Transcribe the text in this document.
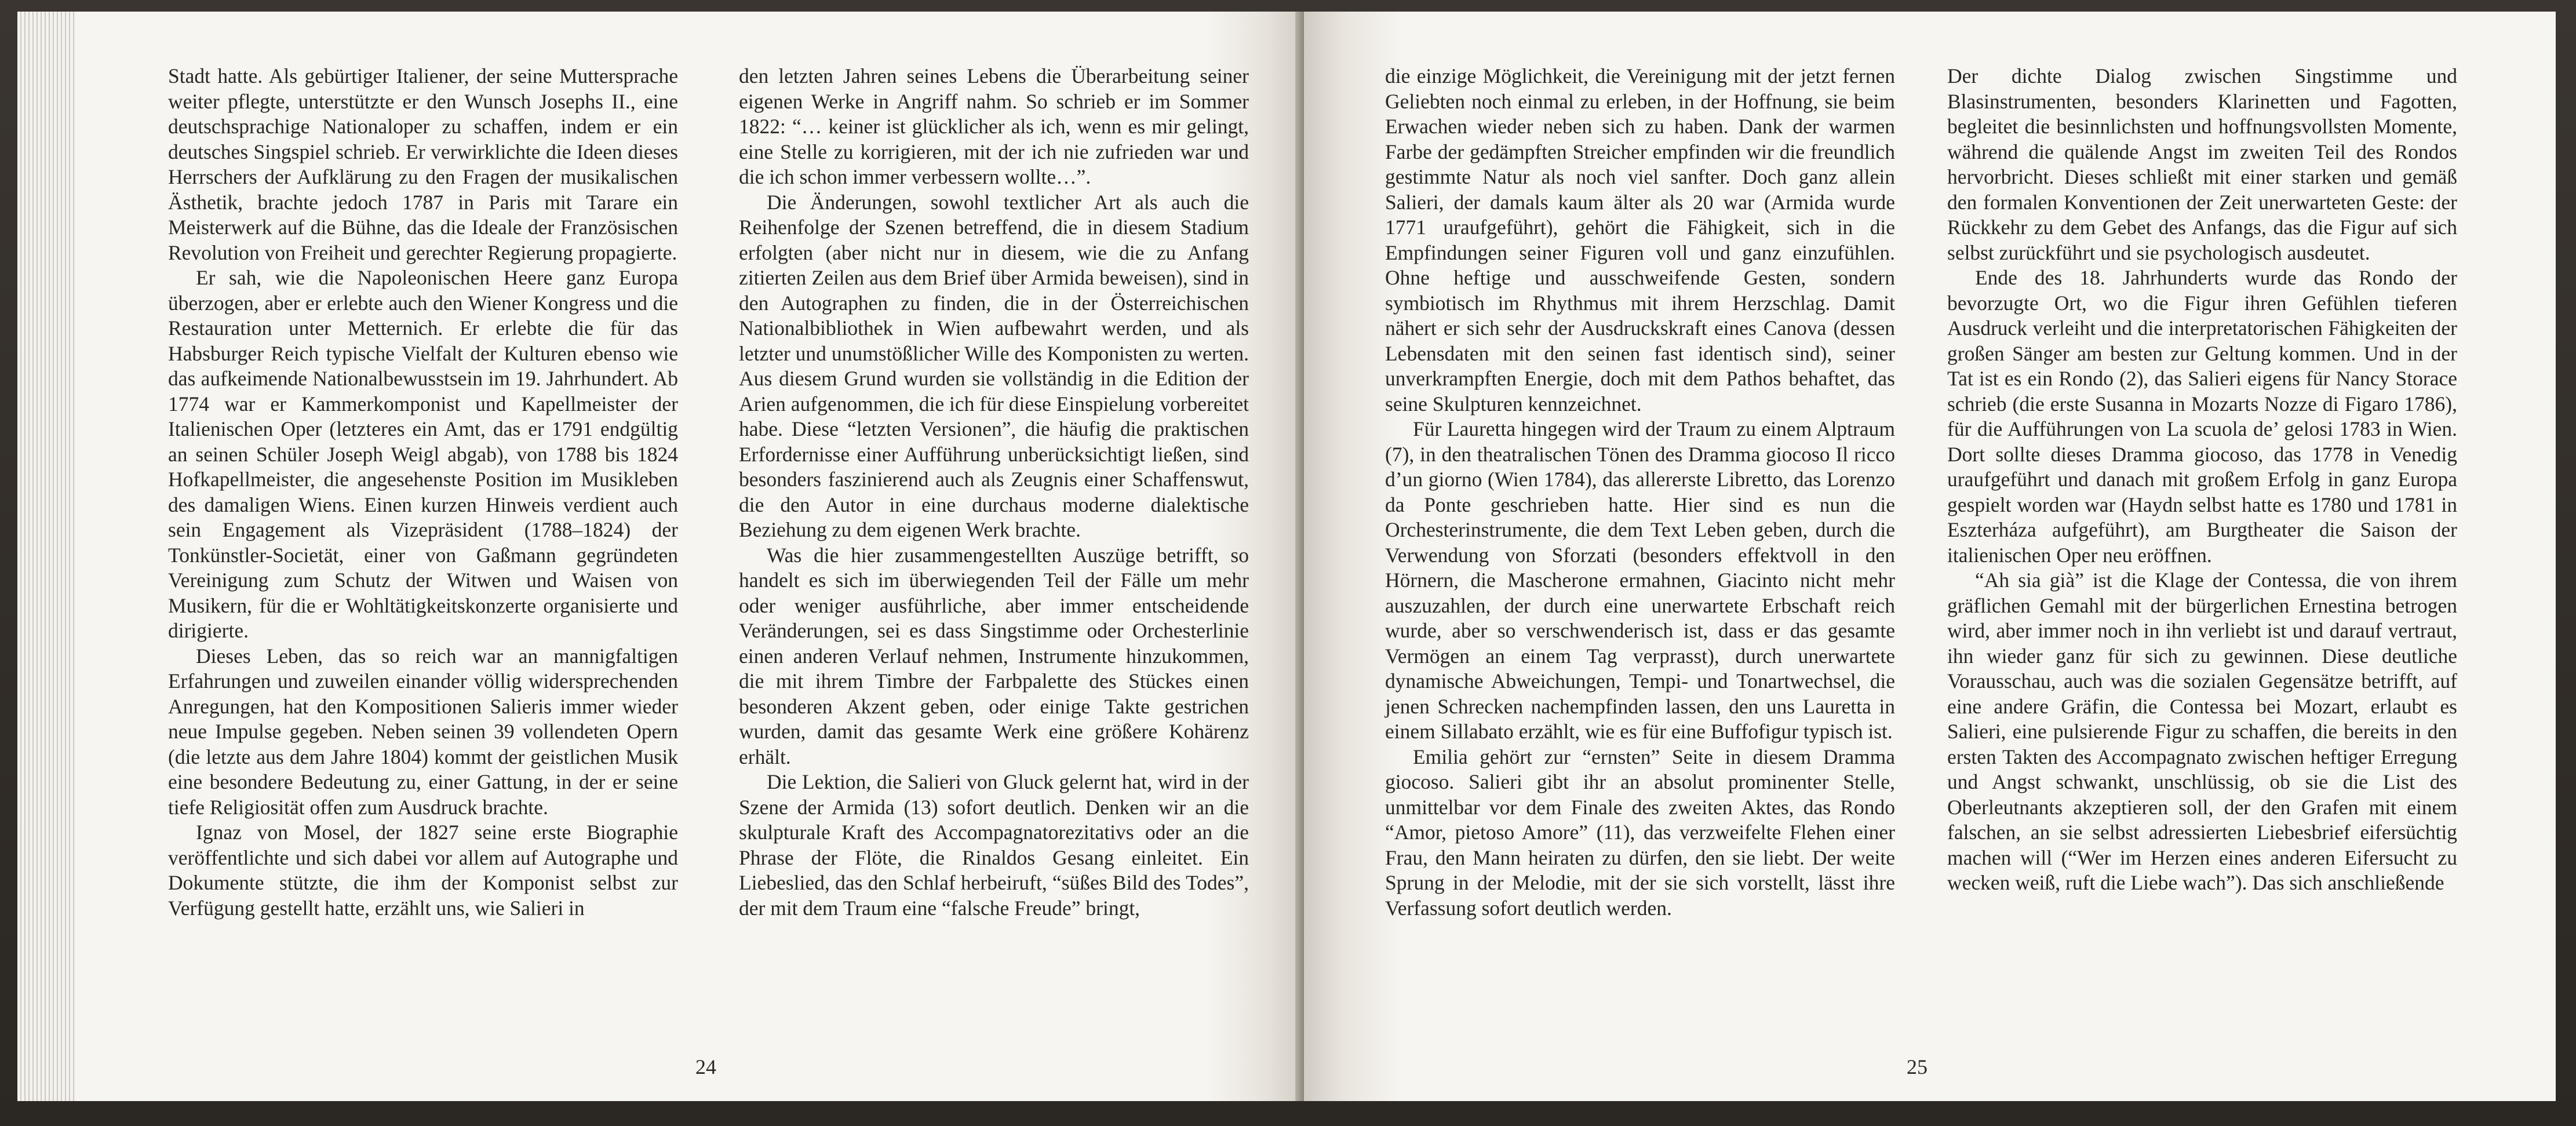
Stadt hatte. Als gebürtiger Italiener, der seine Muttersprache weiter pflegte, unterstützte er den Wunsch Josephs II., eine deutschsprachige Nationaloper zu schaffen, indem er ein deutsches Singspiel schrieb. Er verwirklichte die Ideen dieses Herrschers der Aufklärung zu den Fragen der musikalischen Ästhetik, brachte jedoch 1787 in Paris mit Tarare ein Meisterwerk auf die Bühne, das die Ideale der Französischen Revolution von Freiheit und gerechter Regierung propagierte.

Er sah, wie die Napoleonischen Heere ganz Europa überzogen, aber er erlebte auch den Wiener Kongress und die Restauration unter Metternich. Er erlebte die für das Habsburger Reich typische Vielfalt der Kulturen ebenso wie das aufkeimende Nationalbewusstsein im 19. Jahrhundert. Ab 1774 war er Kammerkomponist und Kapellmeister der Italienischen Oper (letzteres ein Amt, das er 1791 endgültig an seinen Schüler Joseph Weigl abgab), von 1788 bis 1824 Hofkapellmeister, die angesehenste Position im Musikleben des damaligen Wiens. Einen kurzen Hinweis verdient auch sein Engagement als Vizepräsident (1788–1824) der Tonkünstler-Societät, einer von Gaßmann gegründeten Vereinigung zum Schutz der Witwen und Waisen von Musikern, für die er Wohltätigkeitskonzerte organisierte und dirigierte.

Dieses Leben, das so reich war an mannigfaltigen Erfahrungen und zuweilen einander völlig widersprechenden Anregungen, hat den Kompositionen Salieris immer wieder neue Impulse gegeben. Neben seinen 39 vollendeten Opern (die letzte aus dem Jahre 1804) kommt der geistlichen Musik eine besondere Bedeutung zu, einer Gattung, in der er seine tiefe Religiosität offen zum Ausdruck brachte.

Ignaz von Mosel, der 1827 seine erste Biographie veröffentlichte und sich dabei vor allem auf Autographe und Dokumente stützte, die ihm der Komponist selbst zur Verfügung gestellt hatte, erzählt uns, wie Salieri in

den letzten Jahren seines Lebens die Überarbeitung seiner eigenen Werke in Angriff nahm. So schrieb er im Sommer 1822: “… keiner ist glücklicher als ich, wenn es mir gelingt, eine Stelle zu korrigieren, mit der ich nie zufrieden war und die ich schon immer verbessern wollte…”.

Die Änderungen, sowohl textlicher Art als auch die Reihenfolge der Szenen betreffend, die in diesem Stadium erfolgten (aber nicht nur in diesem, wie die zu Anfang zitierten Zeilen aus dem Brief über Armida beweisen), sind in den Autographen zu finden, die in der Österreichischen Nationalbibliothek in Wien aufbewahrt werden, und als letzter und unumstößlicher Wille des Komponisten zu werten. Aus diesem Grund wurden sie vollständig in die Edition der Arien aufgenommen, die ich für diese Einspielung vorbereitet habe. Diese “letzten Versionen”, die häufig die praktischen Erfordernisse einer Aufführung unberücksichtigt ließen, sind besonders faszinierend auch als Zeugnis einer Schaffenswut, die den Autor in eine durchaus moderne dialektische Beziehung zu dem eigenen Werk brachte.

Was die hier zusammengestellten Auszüge betrifft, so handelt es sich im überwiegenden Teil der Fälle um mehr oder weniger ausführliche, aber immer entscheidende Veränderungen, sei es dass Singstimme oder Orchesterlinie einen anderen Verlauf nehmen, Instrumente hinzukommen, die mit ihrem Timbre der Farbpalette des Stückes einen besonderen Akzent geben, oder einige Takte gestrichen wurden, damit das gesamte Werk eine größere Kohärenz erhält.

Die Lektion, die Salieri von Gluck gelernt hat, wird in der Szene der Armida (13) sofort deutlich. Denken wir an die skulpturale Kraft des Accompagnatorezitativs oder an die Phrase der Flöte, die Rinaldos Gesang einleitet. Ein Liebeslied, das den Schlaf herbeiruft, “süßes Bild des Todes”, der mit dem Traum eine “falsche Freude” bringt,

24

die einzige Möglichkeit, die Vereinigung mit der jetzt fernen Geliebten noch einmal zu erleben, in der Hoffnung, sie beim Erwachen wieder neben sich zu haben. Dank der warmen Farbe der gedämpften Streicher empfinden wir die freundlich gestimmte Natur als noch viel sanfter. Doch ganz allein Salieri, der damals kaum älter als 20 war (Armida wurde 1771 uraufgeführt), gehört die Fähigkeit, sich in die Empfindungen seiner Figuren voll und ganz einzufühlen. Ohne heftige und ausschweifende Gesten, sondern symbiotisch im Rhythmus mit ihrem Herzschlag. Damit nähert er sich sehr der Ausdruckskraft eines Canova (dessen Lebensdaten mit den seinen fast identisch sind), seiner unverkrampften Energie, doch mit dem Pathos behaftet, das seine Skulpturen kennzeichnet.

Für Lauretta hingegen wird der Traum zu einem Alptraum (7), in den theatralischen Tönen des Dramma giocoso Il ricco d’un giorno (Wien 1784), das allererste Libretto, das Lorenzo da Ponte geschrieben hatte. Hier sind es nun die Orchesterinstrumente, die dem Text Leben geben, durch die Verwendung von Sforzati (besonders effektvoll in den Hörnern, die Mascherone ermahnen, Giacinto nicht mehr auszuzahlen, der durch eine unerwartete Erbschaft reich wurde, aber so verschwenderisch ist, dass er das gesamte Vermögen an einem Tag verprasst), durch unerwartete dynamische Abweichungen, Tempi- und Tonartwechsel, die jenen Schrecken nachempfinden lassen, den uns Lauretta in einem Sillabato erzählt, wie es für eine Buffofigur typisch ist.

Emilia gehört zur “ernsten” Seite in diesem Dramma giocoso. Salieri gibt ihr an absolut prominenter Stelle, unmittelbar vor dem Finale des zweiten Aktes, das Rondo “Amor, pietoso Amore” (11), das verzweifelte Flehen einer Frau, den Mann heiraten zu dürfen, den sie liebt. Der weite Sprung in der Melodie, mit der sie sich vorstellt, lässt ihre Verfassung sofort deutlich werden.

Der dichte Dialog zwischen Singstimme und Blasinstrumenten, besonders Klarinetten und Fagotten, begleitet die besinnlichsten und hoffnungsvollsten Momente, während die quälende Angst im zweiten Teil des Rondos hervorbricht. Dieses schließt mit einer starken und gemäß den formalen Konventionen der Zeit unerwarteten Geste: der Rückkehr zu dem Gebet des Anfangs, das die Figur auf sich selbst zurückführt und sie psychologisch ausdeutet.

Ende des 18. Jahrhunderts wurde das Rondo der bevorzugte Ort, wo die Figur ihren Gefühlen tieferen Ausdruck verleiht und die interpretatorischen Fähigkeiten der großen Sänger am besten zur Geltung kommen. Und in der Tat ist es ein Rondo (2), das Salieri eigens für Nancy Storace schrieb (die erste Susanna in Mozarts Nozze di Figaro 1786), für die Aufführungen von La scuola de’ gelosi 1783 in Wien. Dort sollte dieses Dramma giocoso, das 1778 in Venedig uraufgeführt und danach mit großem Erfolg in ganz Europa gespielt worden war (Haydn selbst hatte es 1780 und 1781 in Eszterháza aufgeführt), am Burgtheater die Saison der italienischen Oper neu eröffnen.

“Ah sia già” ist die Klage der Contessa, die von ihrem gräflichen Gemahl mit der bürgerlichen Ernestina betrogen wird, aber immer noch in ihn verliebt ist und darauf vertraut, ihn wieder ganz für sich zu gewinnen. Diese deutliche Vorausschau, auch was die sozialen Gegensätze betrifft, auf eine andere Gräfin, die Contessa bei Mozart, erlaubt es Salieri, eine pulsierende Figur zu schaffen, die bereits in den ersten Takten des Accompagnato zwischen heftiger Erregung und Angst schwankt, unschlüssig, ob sie die List des Oberleutnants akzeptieren soll, der den Grafen mit einem falschen, an sie selbst adressierten Liebesbrief eifersüchtig machen will (“Wer im Herzen eines anderen Eifersucht zu wecken weiß, ruft die Liebe wach”). Das sich anschließende

25
